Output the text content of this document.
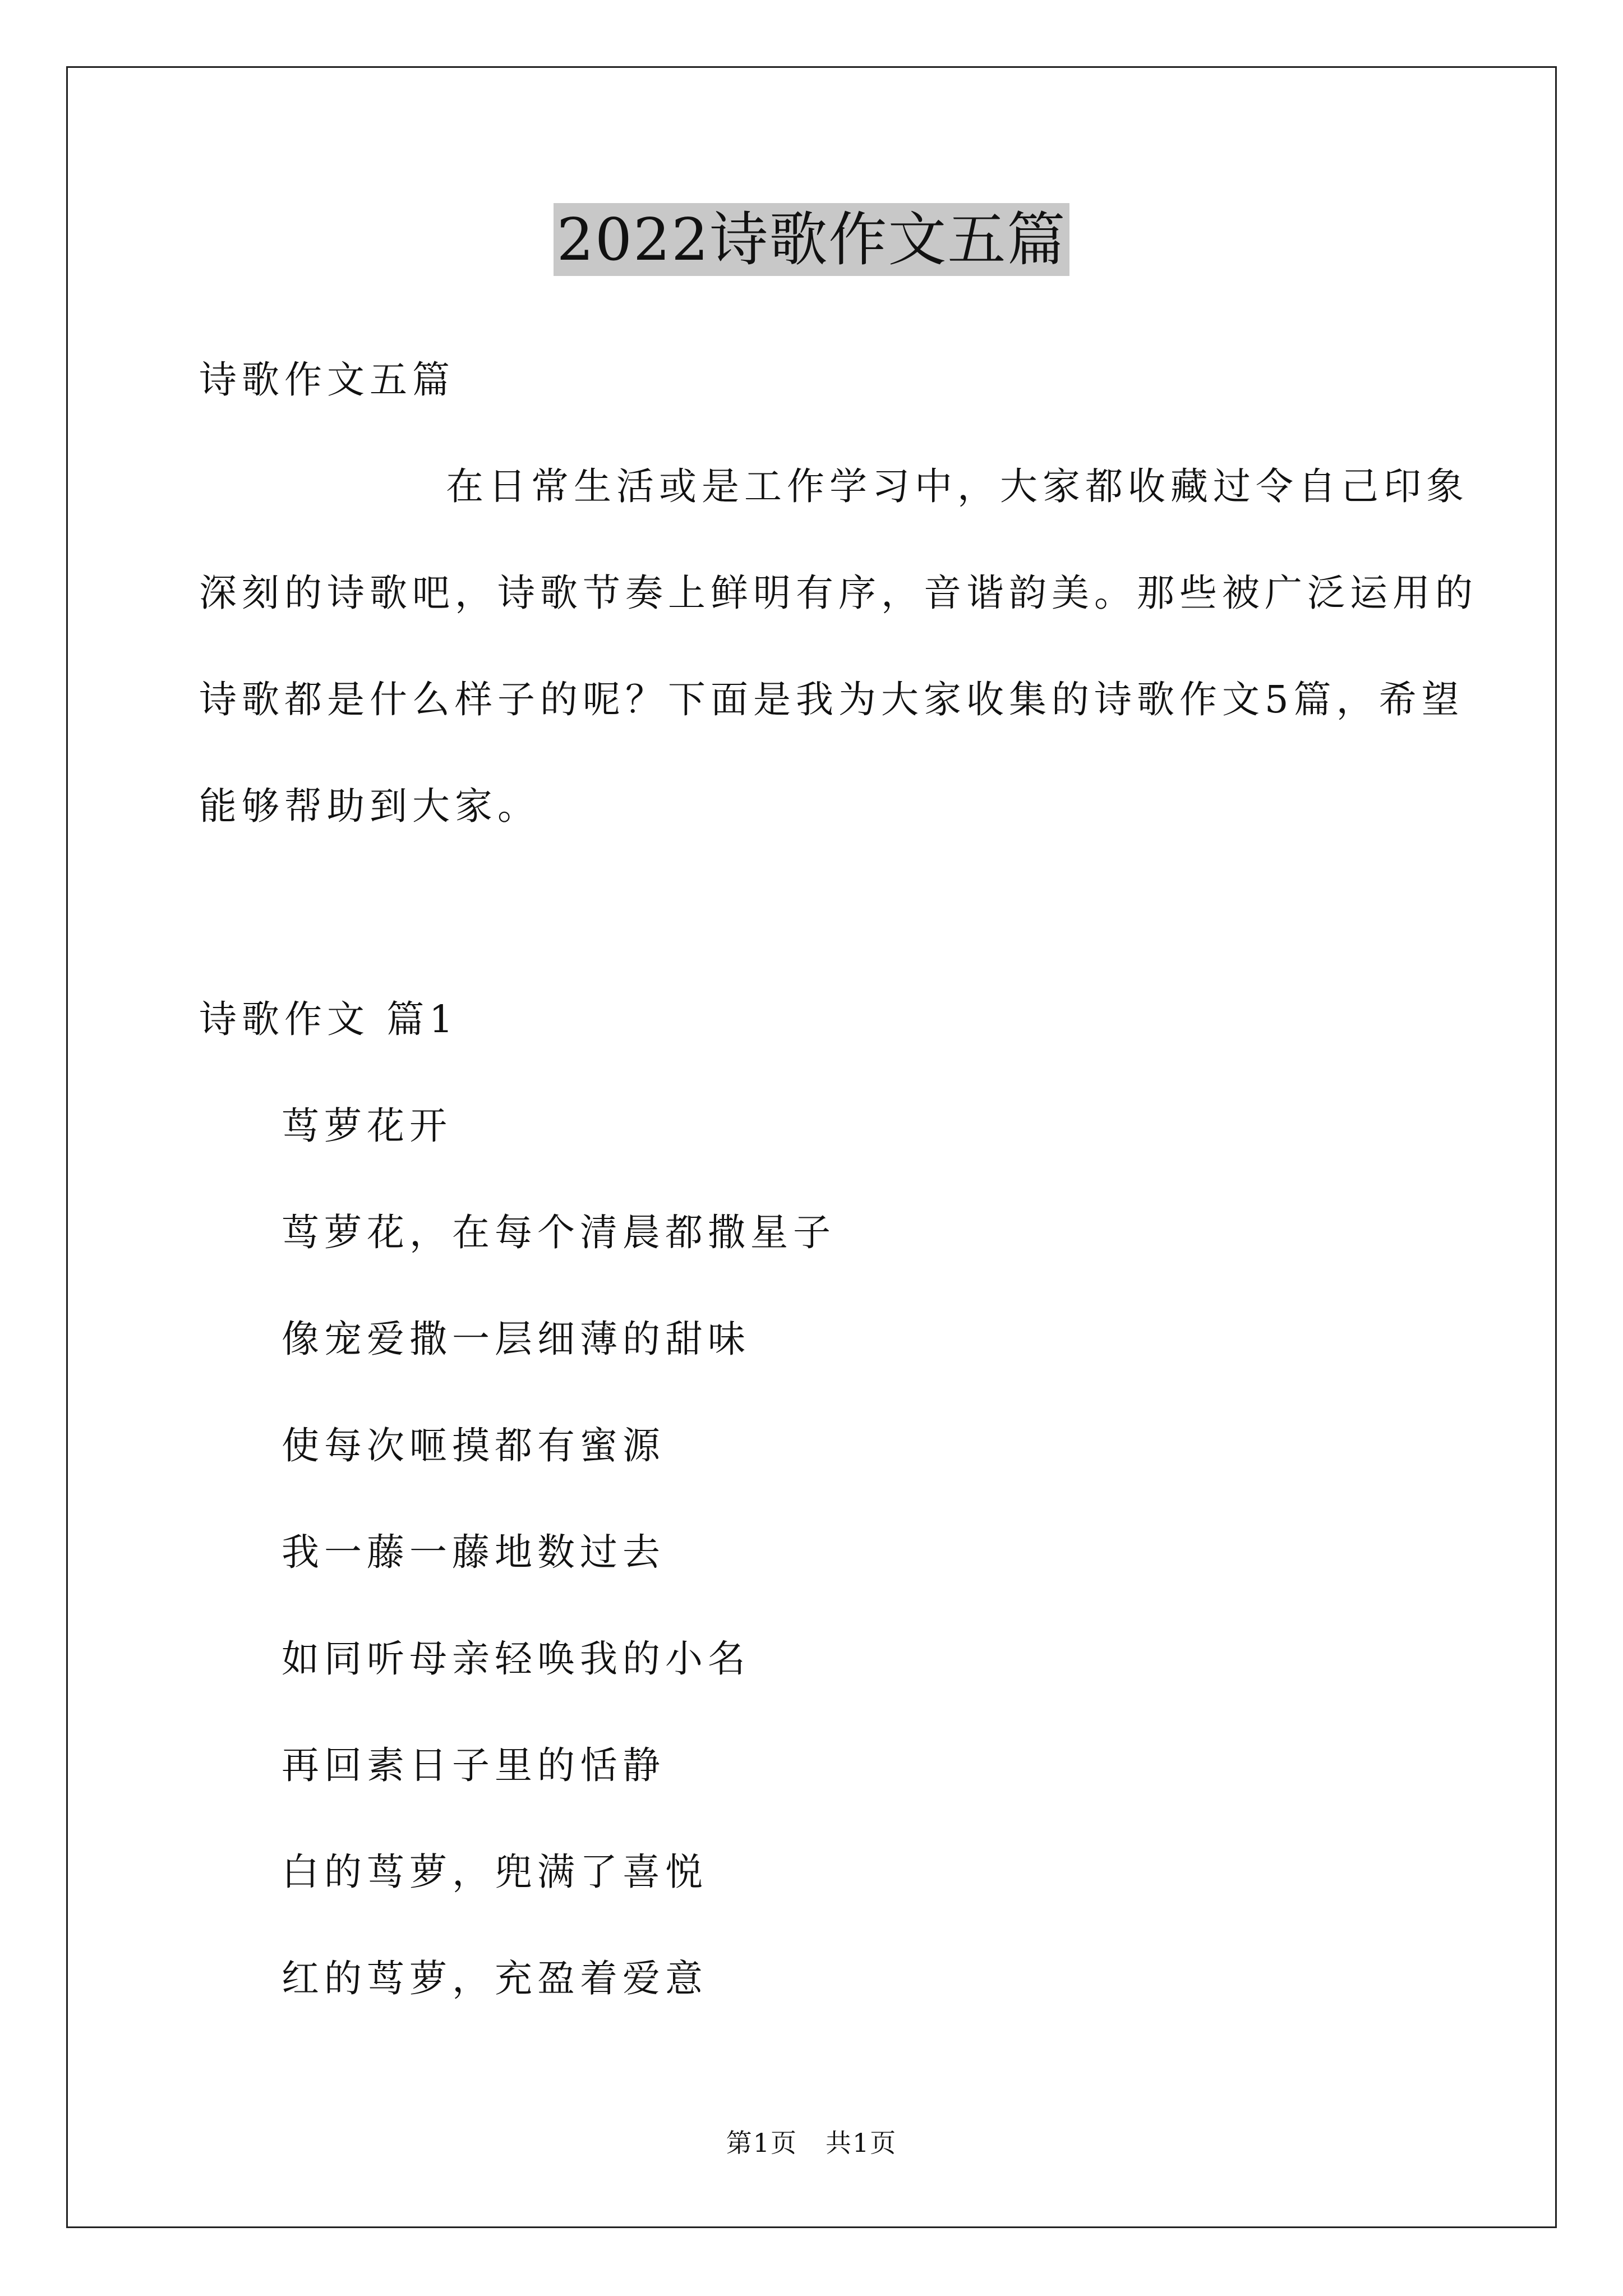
2022诗歌作文五篇
诗歌作文五篇
在日常生活或是工作学习中，大家都收藏过令自己印象
深刻的诗歌吧，诗歌节奏上鲜明有序，音谐韵美。那些被广泛运用的
诗歌都是什么样子的呢？下面是我为大家收集的诗歌作文5篇，希望
能够帮助到大家。
诗歌作文 篇1
茑萝花开
茑萝花，在每个清晨都撒星子
像宠爱撒一层细薄的甜味
使每次咂摸都有蜜源
我一藤一藤地数过去
如同听母亲轻唤我的小名
再回素日子里的恬静
白的茑萝，兜满了喜悦
红的茑萝，充盈着爱意
第1页 共1页
